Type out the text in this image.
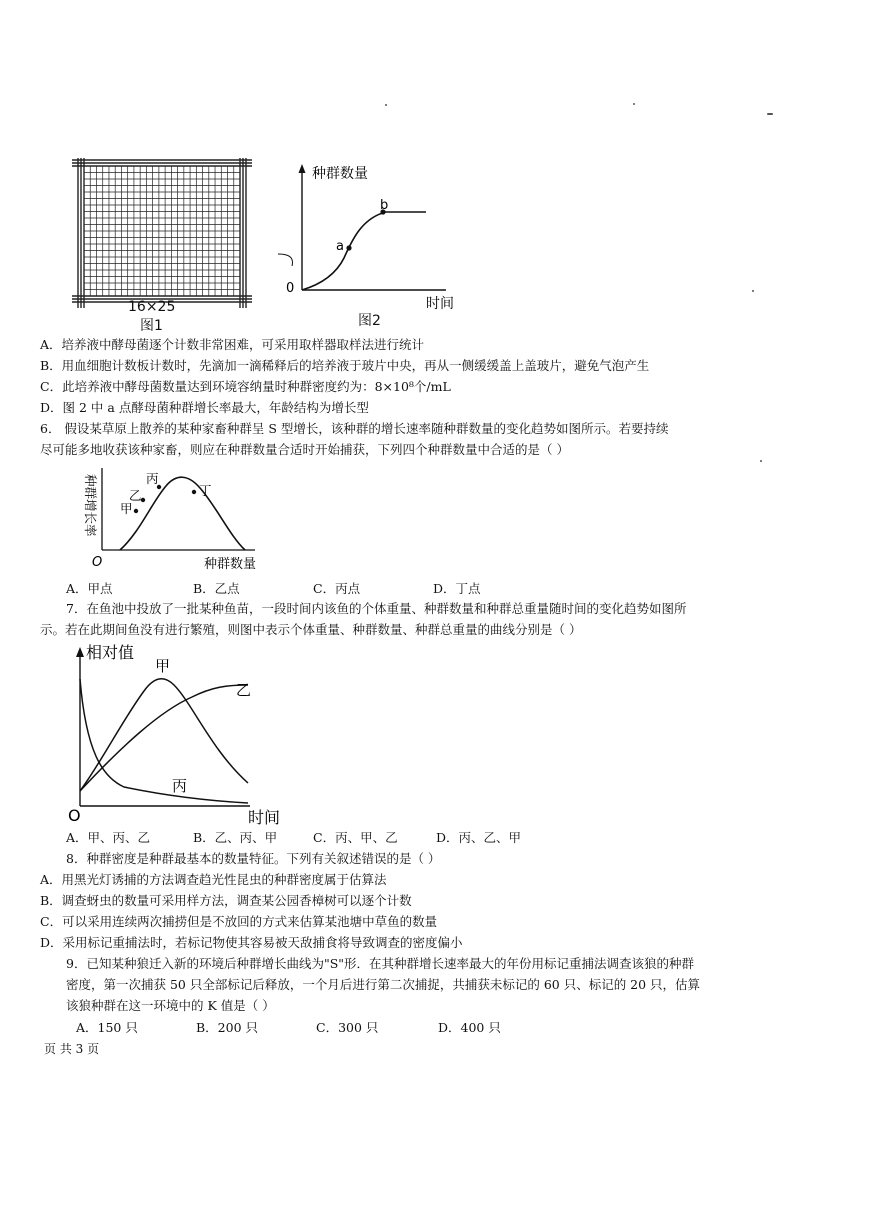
16×25
图1
种群数量
时间
0
a
b
图2
A．培养液中酵母菌逐个计数非常困难，可采用取样器取样法进行统计
B．用血细胞计数板计数时，先滴加一滴稀释后的培养液于玻片中央，再从一侧缓缓盖上盖玻片，避免气泡产生
C．此培养液中酵母菌数量达到环境容纳量时种群密度约为：8×10⁸个/mL
D．图 2 中 a 点酵母菌种群增长率最大，年龄结构为增长型
6． 假设某草原上散养的某种家畜种群呈 S 型增长，该种群的增长速率随种群数量的变化趋势如图所示。若要持续
尽可能多地收获该种家畜，则应在种群数量合适时开始捕获，下列四个种群数量中合适的是（ ）
种群增长率
种群数量
O
甲
乙
丙
丁
A．甲点	B．乙点	C．丙点	D．丁点
7．在鱼池中投放了一批某种鱼苗，一段时间内该鱼的个体重量、种群数量和种群总重量随时间的变化趋势如图所
示。若在此期间鱼没有进行繁殖，则图中表示个体重量、种群数量、种群总重量的曲线分别是（ ）
相对值
时间
O
甲
乙
丙
A．甲、丙、乙	B．乙、丙、甲	C．丙、甲、乙	D．丙、乙、甲
8．种群密度是种群最基本的数量特征。下列有关叙述错误的是（ ）
A．用黑光灯诱捕的方法调查趋光性昆虫的种群密度属于估算法
B．调查蚜虫的数量可采用样方法，调查某公园香樟树可以逐个计数
C．可以采用连续两次捕捞但是不放回的方式来估算某池塘中草鱼的数量
D．采用标记重捕法时，若标记物使其容易被天敌捕食将导致调查的密度偏小
9．已知某种狼迁入新的环境后种群增长曲线为"S"形．在其种群增长速率最大的年份用标记重捕法调查该狼的种群
密度，第一次捕获 50 只全部标记后释放，一个月后进行第二次捕捉，共捕获未标记的 60 只、标记的 20 只，估算
该狼种群在这一环境中的 K 值是（ ）
A．150 只	B．200 只	C．300 只	D．400 只
页 共 3 页
